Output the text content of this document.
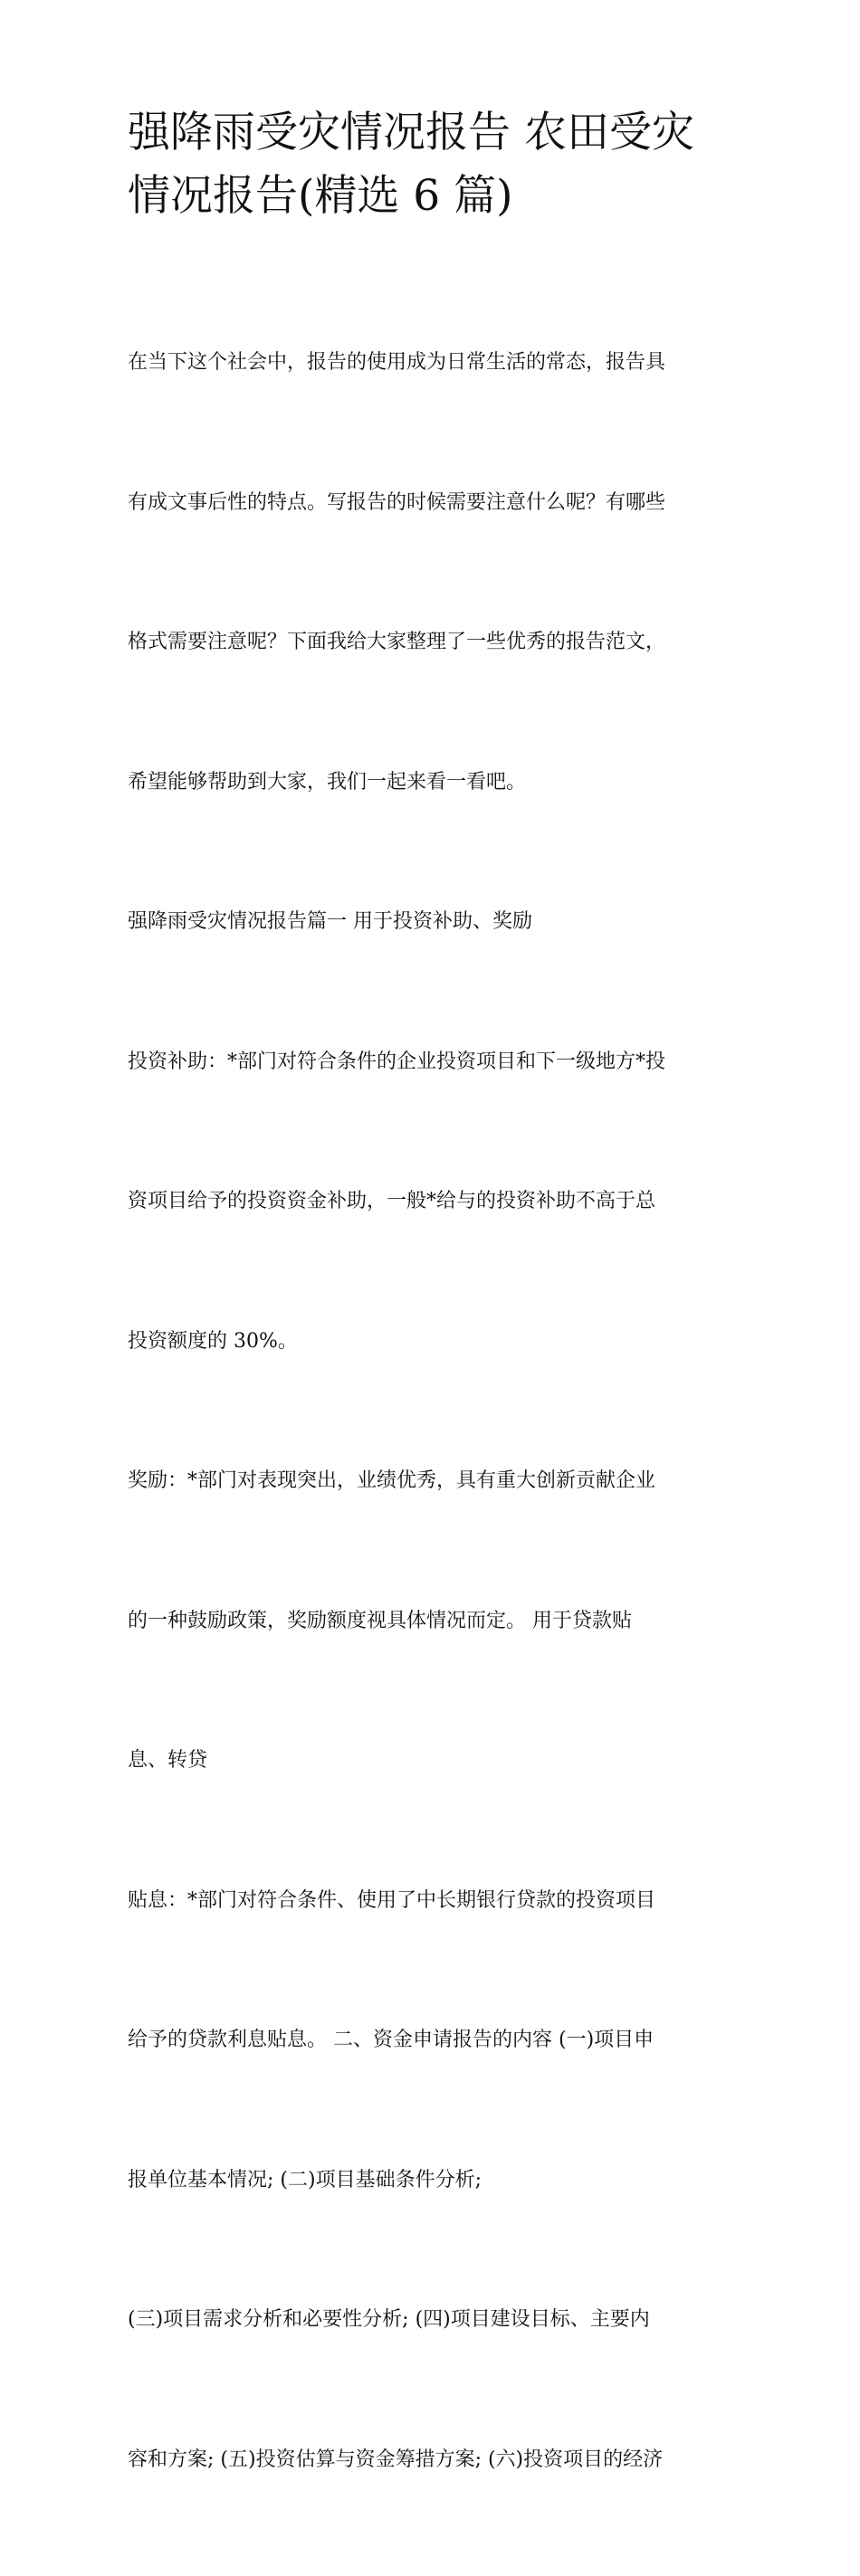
强降雨受灾情况报告 农田受灾
情况报告(精选 6 篇)

在当下这个社会中，报告的使用成为日常生活的常态，报告具

有成文事后性的特点。写报告的时候需要注意什么呢？有哪些

格式需要注意呢？下面我给大家整理了一些优秀的报告范文，

希望能够帮助到大家，我们一起来看一看吧。

强降雨受灾情况报告篇一 用于投资补助、奖励

投资补助：*部门对符合条件的企业投资项目和下一级地方*投

资项目给予的投资资金补助，一般*给与的投资补助不高于总

投资额度的 30%。

奖励：*部门对表现突出，业绩优秀，具有重大创新贡献企业

的一种鼓励政策，奖励额度视具体情况而定。 用于贷款贴

息、转贷

贴息：*部门对符合条件、使用了中长期银行贷款的投资项目

给予的贷款利息贴息。 二、资金申请报告的内容 (一)项目申

报单位基本情况; (二)项目基础条件分析;

(三)项目需求分析和必要性分析; (四)项目建设目标、主要内

容和方案; (五)投资估算与资金筹措方案; (六)投资项目的经济
